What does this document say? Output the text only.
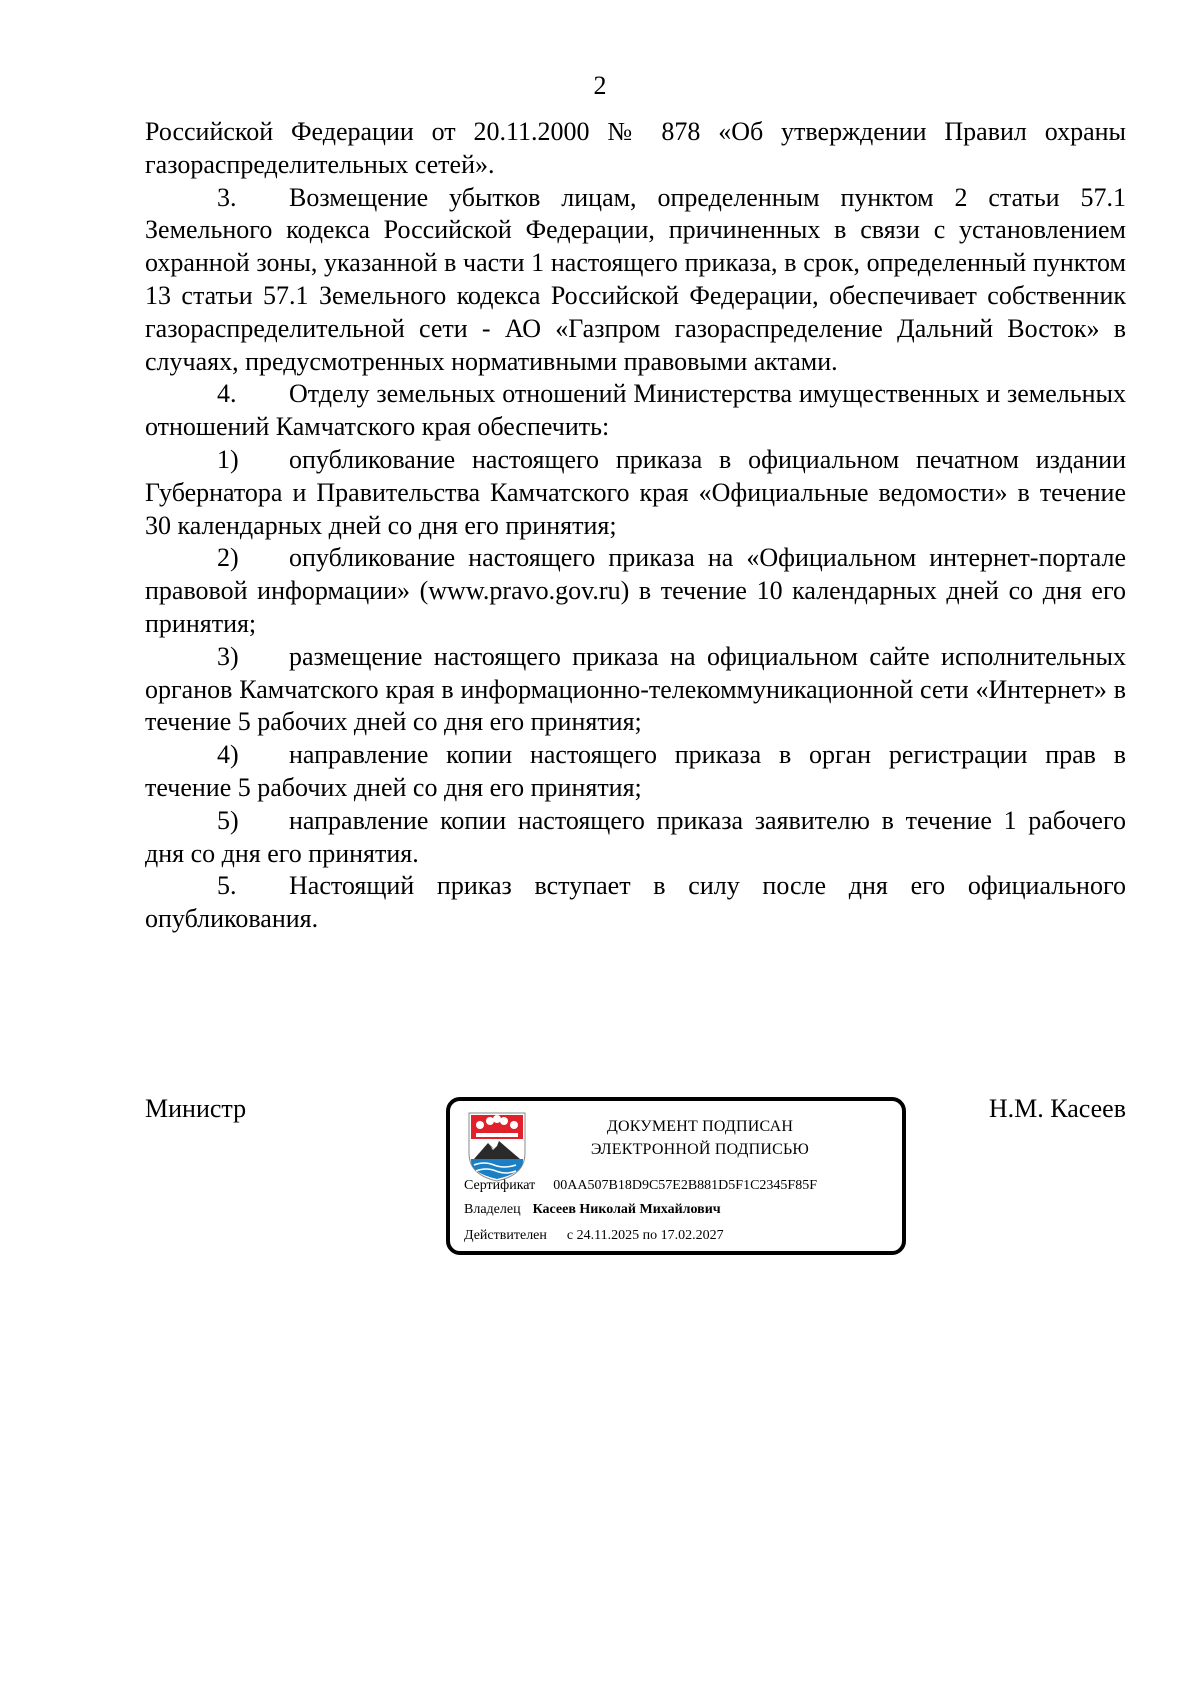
2

Российской Федерации от 20.11.2000 № 878 «Об утверждении Правил охраны газораспределительных сетей».

3. Возмещение убытков лицам, определенным пунктом 2 статьи 57.1 Земельного кодекса Российской Федерации, причиненных в связи с установлением охранной зоны, указанной в части 1 настоящего приказа, в срок, определенный пунктом 13 статьи 57.1 Земельного кодекса Российской Федерации, обеспечивает собственник газораспределительной сети - АО «Газпром газораспределение Дальний Восток» в случаях, предусмотренных нормативными правовыми актами.

4. Отделу земельных отношений Министерства имущественных и земельных отношений Камчатского края обеспечить:

1) опубликование настоящего приказа в официальном печатном издании Губернатора и Правительства Камчатского края «Официальные ведомости» в течение 30 календарных дней со дня его принятия;

2) опубликование настоящего приказа на «Официальном интернет-портале правовой информации» (www.pravo.gov.ru) в течение 10 календарных дней со дня его принятия;

3) размещение настоящего приказа на официальном сайте исполнительных органов Камчатского края в информационно-телекоммуникационной сети «Интернет» в течение 5 рабочих дней со дня его принятия;

4) направление копии настоящего приказа в орган регистрации прав в течение 5 рабочих дней со дня его принятия;

5) направление копии настоящего приказа заявителю в течение 1 рабочего дня со дня его принятия.

5. Настоящий приказ вступает в силу после дня его официального опубликования.

Министр	Н.М. Касеев
ДОКУМЕНТ ПОДПИСАН
ЭЛЕКТРОННОЙ ПОДПИСЬЮ
Сертификат 00AA507B18D9C57E2B881D5F1C2345F85F
Владелец Касеев Николай Михайлович
Действителен с 24.11.2025 по 17.02.2027
